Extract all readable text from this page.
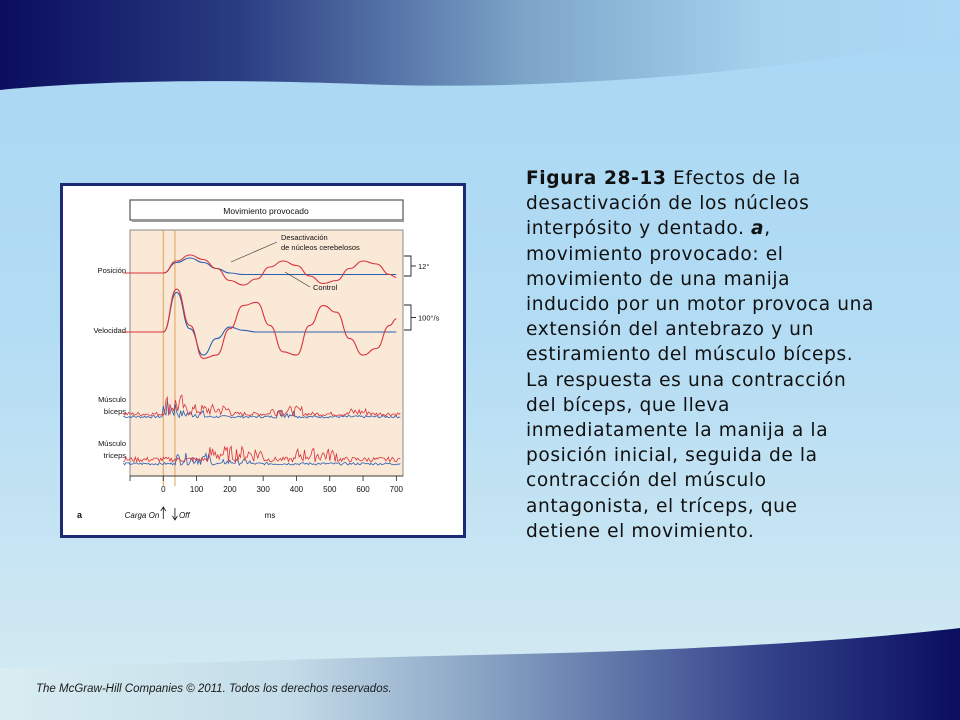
Movimiento provocado
Posición
Velocidad
Músculo
bíceps
Músculo
tríceps
Desactivación
de núcleos cerebelosos
Control
12°
100°/s
0	100 200 300 400 500 600 700
a	Carga On Off	ms
Figura 28-13 Efectos de la desactivación de los núcleos interpósito y dentado. a, movimiento provocado: el movimiento de una manija inducido por un motor provoca una extensión del antebrazo y un estiramiento del músculo bíceps. La respuesta es una contracción del bíceps, que lleva inmediatamente la manija a la posición inicial, seguida de la contracción del músculo antagonista, el tríceps, que detiene el movimiento.
The McGraw-Hill Companies © 2011. Todos los derechos reservados.
